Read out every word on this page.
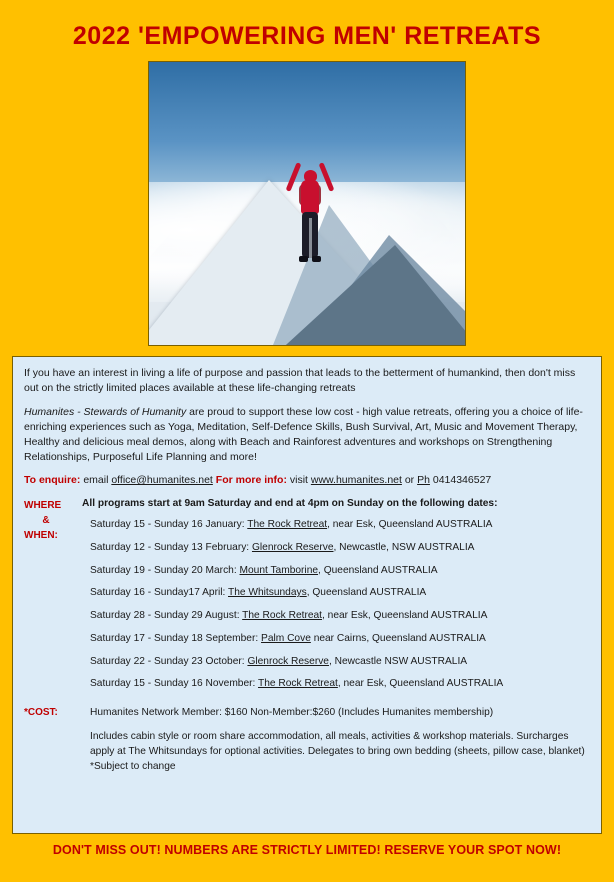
2022 'EMPOWERING MEN' RETREATS

If you have an interest in living a life of purpose and passion that leads to the betterment of humankind, then don't miss out on the strictly limited places available at these life-changing retreats

Humanites - Stewards of Humanity are proud to support these low cost - high value retreats, offering you a choice of life-enriching experiences such as Yoga, Meditation, Self-Defence Skills, Bush Survival, Art, Music and Movement Therapy, Healthy and delicious meal demos, along with Beach and Rainforest adventures and workshops on Strengthening Relationships, Purposeful Life Planning and more!

To enquire: email office@humanites.net For more info: visit www.humanites.net or Ph 0414346527

WHERE
&
WHEN:
All programs start at 9am Saturday and end at 4pm on Sunday on the following dates:
Saturday 15 - Sunday 16 January: The Rock Retreat, near Esk, Queensland AUSTRALIA
Saturday 12 - Sunday 13 February: Glenrock Reserve, Newcastle, NSW AUSTRALIA
Saturday 19 - Sunday 20 March: Mount Tamborine, Queensland AUSTRALIA
Saturday 16 - Sunday17 April: The Whitsundays, Queensland AUSTRALIA
Saturday 28 - Sunday 29 August: The Rock Retreat, near Esk, Queensland AUSTRALIA
Saturday 17 - Sunday 18 September: Palm Cove near Cairns, Queensland AUSTRALIA
Saturday 22 - Sunday 23 October: Glenrock Reserve, Newcastle NSW AUSTRALIA
Saturday 15 - Sunday 16 November: The Rock Retreat, near Esk, Queensland AUSTRALIA
*COST:	Humanites Network Member: $160 Non-Member:$260 (Includes Humanites membership)
Includes cabin style or room share accommodation, all meals, activities & workshop materials. Surcharges apply at The Whitsundays for optional activities. Delegates to bring own bedding (sheets, pillow case, blanket) *Subject to change
DON'T MISS OUT! NUMBERS ARE STRICTLY LIMITED! RESERVE YOUR SPOT NOW!
